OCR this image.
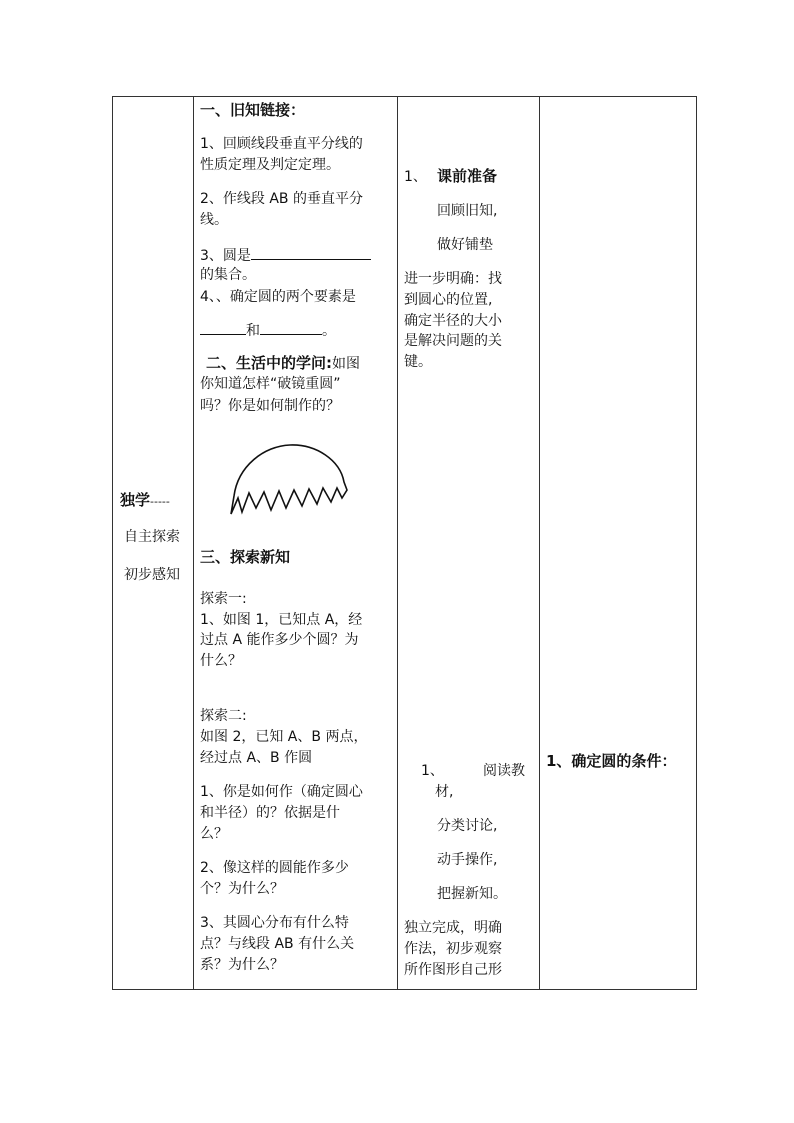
独学-----
自主探索
初步感知
一、旧知链接：
1、回顾线段垂直平分线的
性质定理及判定定理。
2、作线段 AB 的垂直平分
线。
3、圆是
的集合。
4、、确定圆的两个要素是
和	。
二、生活中的学问:如图
你知道怎样“破镜重圆”
吗？你是如何制作的？
三、探索新知
探索一:
1、如图 1，已知点 A，经
过点 A 能作多少个圆？为
什么？
探索二:
如图 2，已知 A、B 两点，
经过点 A、B 作圆
1、你是如何作（确定圆心
和半径）的？依据是什
么？
2、像这样的圆能作多少
个？为什么？
3、其圆心分布有什么特
点？与线段 AB 有什么关
系？为什么？
1、 课前准备
回顾旧知,
做好铺垫
进一步明确：找
到圆心的位置,
确定半径的大小
是解决问题的关
键。
1、	阅读教
材,
分类讨论,
动手操作,
把握新知。
独立完成，明确
作法，初步观察
所作图形自己形
1、确定圆的条件：
